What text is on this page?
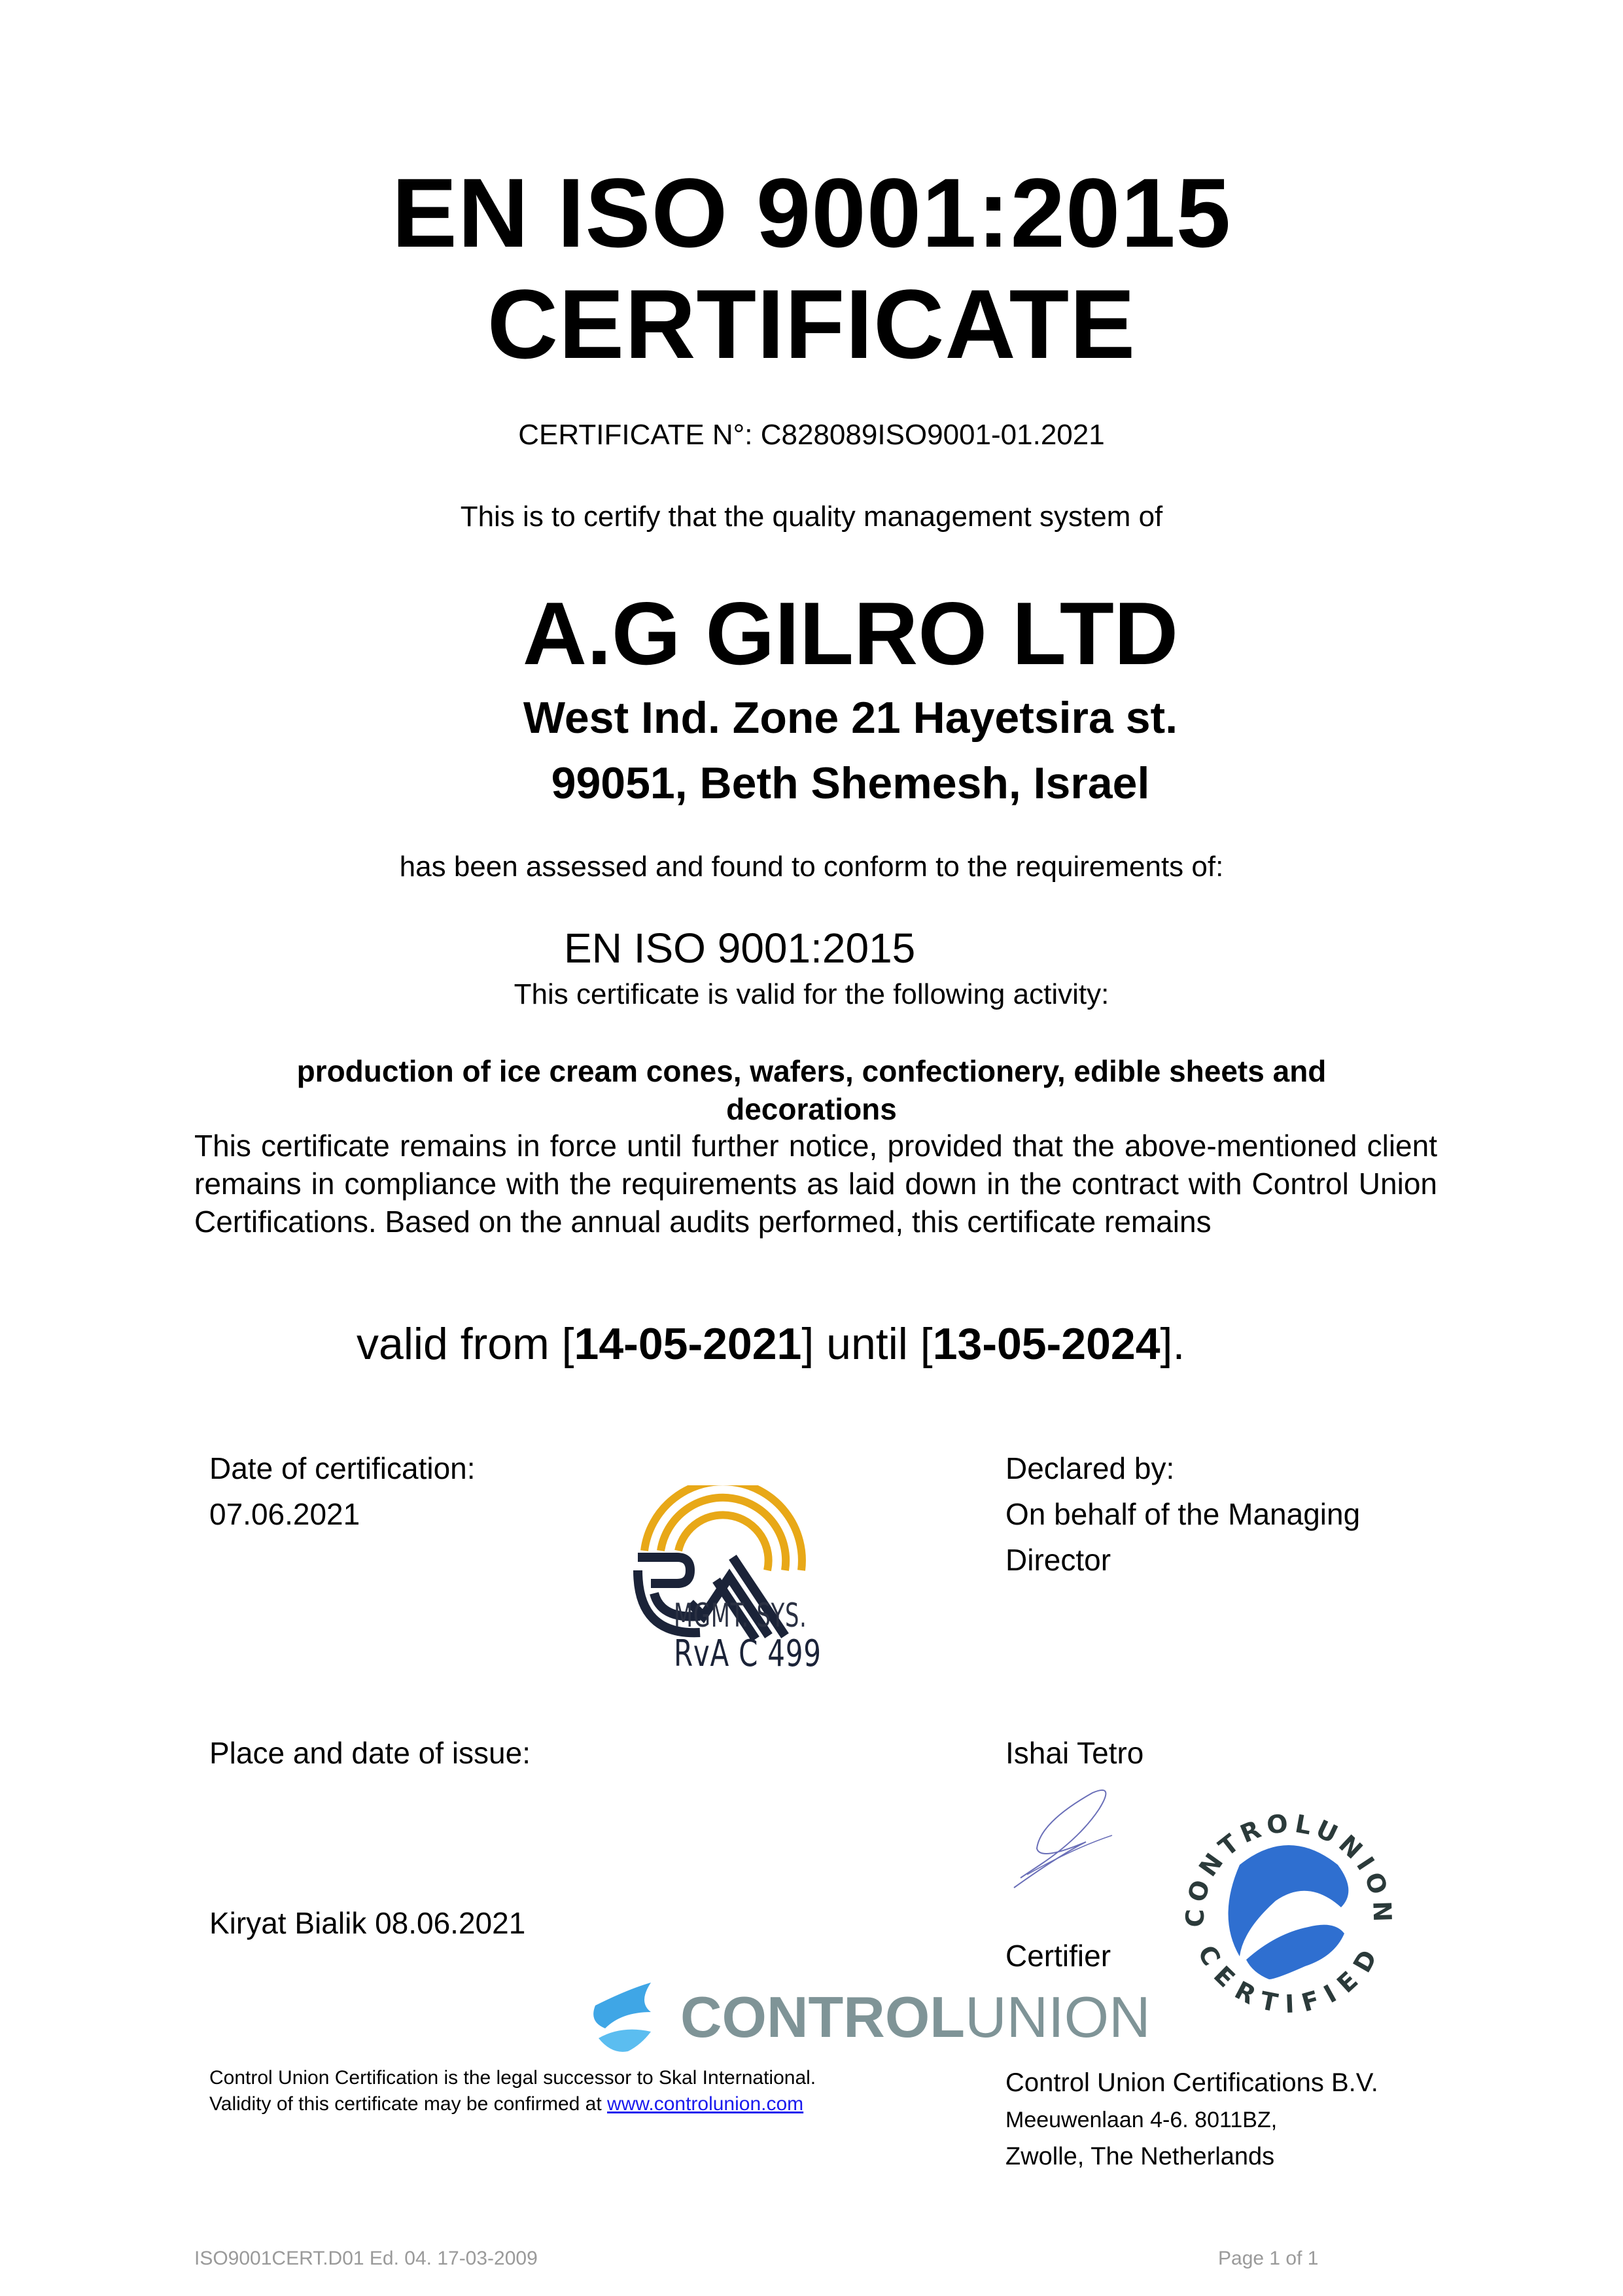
EN ISO 9001:2015
CERTIFICATE
CERTIFICATE N°: C828089ISO9001-01.2021
This is to certify that the quality management system of
A.G GILRO LTD
West Ind. Zone 21 Hayetsira st.
99051, Beth Shemesh, Israel
has been assessed and found to conform to the requirements of:
EN ISO 9001:2015
This certificate is valid for the following activity:
production of ice cream cones, wafers, confectionery, edible sheets and
decorations
This certificate remains in force until further notice, provided that the above-mentioned client remains in compliance with the requirements as laid down in the contract with Control Union Certifications. Based on the annual audits performed, this certificate remains
valid from [14-05-2021] until [13-05-2024].
Date of certification:
07.06.2021
Place and date of issue:
Kiryat Bialik 08.06.2021
MGMT. SYS.
RvA C 499
Declared by:
On behalf of the Managing
Director
Ishai Tetro
Certifier
CONTROLUNION
CERTIFIED
CONTROLUNION
Control Union Certification is the legal successor to Skal International.
Validity of this certificate may be confirmed at www.controlunion.com
Control Union Certifications B.V.
Meeuwenlaan 4-6. 8011BZ,
Zwolle, The Netherlands
ISO9001CERT.D01 Ed. 04. 17-03-2009	Page 1 of 1
